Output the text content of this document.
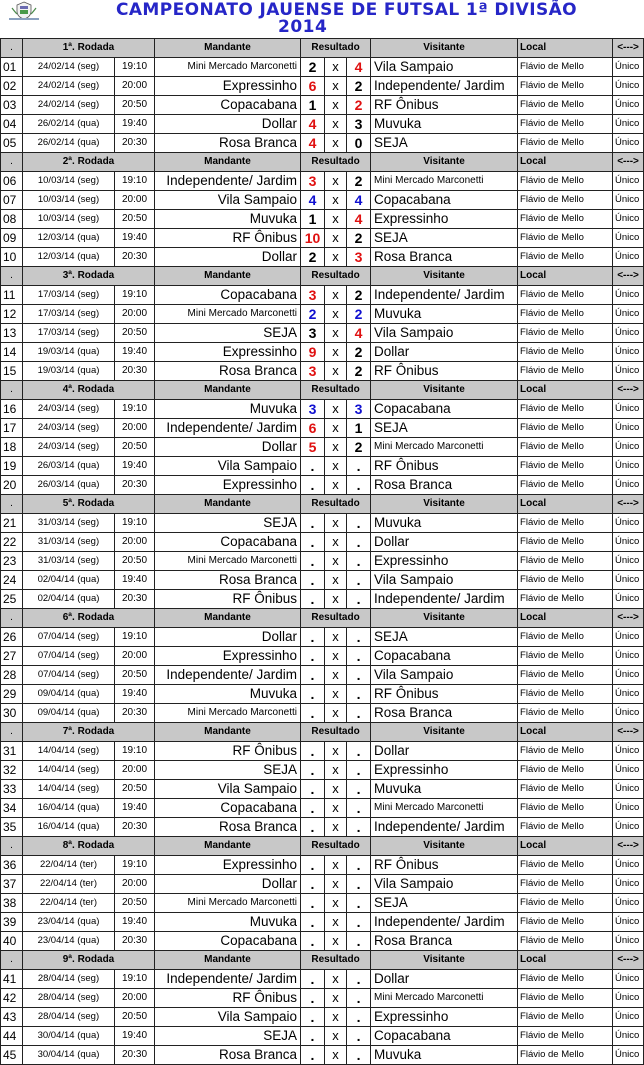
CAMPEONATO JAUENSE DE FUTSAL 1ª DIVISÃO
2014
.	1ª. Rodada		Mandante	Resultado			Visitante	Local	<--->
01	24/02/14 (seg)	19:10	Mini Mercado Marconetti	2	x	4	Vila Sampaio	Flávio de Mello	Único
02	24/02/14 (seg)	20:00	Expressinho	6	x	2	Independente/ Jardim	Flávio de Mello	Único
03	24/02/14 (seg)	20:50	Copacabana	1	x	2	RF Ônibus	Flávio de Mello	Único
04	26/02/14 (qua)	19:40	Dollar	4	x	3	Muvuka	Flávio de Mello	Único
05	26/02/14 (qua)	20:30	Rosa Branca	4	x	0	SEJA	Flávio de Mello	Único
.	2ª. Rodada		Mandante	Resultado			Visitante	Local	<--->
06	10/03/14 (seg)	19:10	Independente/ Jardim	3	x	2	Mini Mercado Marconetti	Flávio de Mello	Único
07	10/03/14 (seg)	20:00	Vila Sampaio	4	x	4	Copacabana	Flávio de Mello	Único
08	10/03/14 (seg)	20:50	Muvuka	1	x	4	Expressinho	Flávio de Mello	Único
09	12/03/14 (qua)	19:40	RF Ônibus	10	x	2	SEJA	Flávio de Mello	Único
10	12/03/14 (qua)	20:30	Dollar	2	x	3	Rosa Branca	Flávio de Mello	Único
.	3ª. Rodada		Mandante	Resultado			Visitante	Local	<--->
11	17/03/14 (seg)	19:10	Copacabana	3	x	2	Independente/ Jardim	Flávio de Mello	Único
12	17/03/14 (seg)	20:00	Mini Mercado Marconetti	2	x	2	Muvuka	Flávio de Mello	Único
13	17/03/14 (seg)	20:50	SEJA	3	x	4	Vila Sampaio	Flávio de Mello	Único
14	19/03/14 (qua)	19:40	Expressinho	9	x	2	Dollar	Flávio de Mello	Único
15	19/03/14 (qua)	20:30	Rosa Branca	3	x	2	RF Ônibus	Flávio de Mello	Único
.	4ª. Rodada		Mandante	Resultado			Visitante	Local	<--->
16	24/03/14 (seg)	19:10	Muvuka	3	x	3	Copacabana	Flávio de Mello	Único
17	24/03/14 (seg)	20:00	Independente/ Jardim	6	x	1	SEJA	Flávio de Mello	Único
18	24/03/14 (seg)	20:50	Dollar	5	x	2	Mini Mercado Marconetti	Flávio de Mello	Único
19	26/03/14 (qua)	19:40	Vila Sampaio	.	x	.	RF Ônibus	Flávio de Mello	Único
20	26/03/14 (qua)	20:30	Expressinho	.	x	.	Rosa Branca	Flávio de Mello	Único
.	5ª. Rodada		Mandante	Resultado			Visitante	Local	<--->
21	31/03/14 (seg)	19:10	SEJA	.	x	.	Muvuka	Flávio de Mello	Único
22	31/03/14 (seg)	20:00	Copacabana	.	x	.	Dollar	Flávio de Mello	Único
23	31/03/14 (seg)	20:50	Mini Mercado Marconetti	.	x	.	Expressinho	Flávio de Mello	Único
24	02/04/14 (qua)	19:40	Rosa Branca	.	x	.	Vila Sampaio	Flávio de Mello	Único
25	02/04/14 (qua)	20:30	RF Ônibus	.	x	.	Independente/ Jardim	Flávio de Mello	Único
.	6ª. Rodada		Mandante	Resultado			Visitante	Local	<--->
26	07/04/14 (seg)	19:10	Dollar	.	x	.	SEJA	Flávio de Mello	Único
27	07/04/14 (seg)	20:00	Expressinho	.	x	.	Copacabana	Flávio de Mello	Único
28	07/04/14 (seg)	20:50	Independente/ Jardim	.	x	.	Vila Sampaio	Flávio de Mello	Único
29	09/04/14 (qua)	19:40	Muvuka	.	x	.	RF Ônibus	Flávio de Mello	Único
30	09/04/14 (qua)	20:30	Mini Mercado Marconetti	.	x	.	Rosa Branca	Flávio de Mello	Único
.	7ª. Rodada		Mandante	Resultado			Visitante	Local	<--->
31	14/04/14 (seg)	19:10	RF Ônibus	.	x	.	Dollar	Flávio de Mello	Único
32	14/04/14 (seg)	20:00	SEJA	.	x	.	Expressinho	Flávio de Mello	Único
33	14/04/14 (seg)	20:50	Vila Sampaio	.	x	.	Muvuka	Flávio de Mello	Único
34	16/04/14 (qua)	19:40	Copacabana	.	x	.	Mini Mercado Marconetti	Flávio de Mello	Único
35	16/04/14 (qua)	20:30	Rosa Branca	.	x	.	Independente/ Jardim	Flávio de Mello	Único
.	8ª. Rodada		Mandante	Resultado			Visitante	Local	<--->
36	22/04/14 (ter)	19:10	Expressinho	.	x	.	RF Ônibus	Flávio de Mello	Único
37	22/04/14 (ter)	20:00	Dollar	.	x	.	Vila Sampaio	Flávio de Mello	Único
38	22/04/14 (ter)	20:50	Mini Mercado Marconetti	.	x	.	SEJA	Flávio de Mello	Único
39	23/04/14 (qua)	19:40	Muvuka	.	x	.	Independente/ Jardim	Flávio de Mello	Único
40	23/04/14 (qua)	20:30	Copacabana	.	x	.	Rosa Branca	Flávio de Mello	Único
.	9ª. Rodada		Mandante	Resultado			Visitante	Local	<--->
41	28/04/14 (seg)	19:10	Independente/ Jardim	.	x	.	Dollar	Flávio de Mello	Único
42	28/04/14 (seg)	20:00	RF Ônibus	.	x	.	Mini Mercado Marconetti	Flávio de Mello	Único
43	28/04/14 (seg)	20:50	Vila Sampaio	.	x	.	Expressinho	Flávio de Mello	Único
44	30/04/14 (qua)	19:40	SEJA	.	x	.	Copacabana	Flávio de Mello	Único
45	30/04/14 (qua)	20:30	Rosa Branca	.	x	.	Muvuka	Flávio de Mello	Único
